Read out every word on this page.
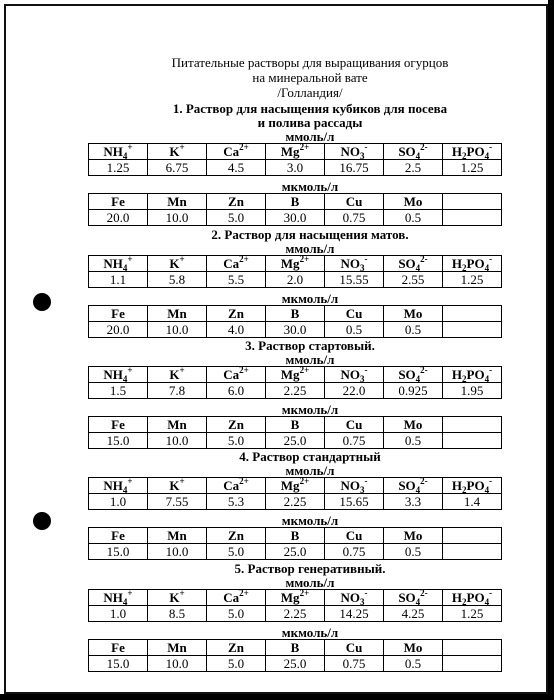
Питательные растворы для выращивания огурцов
на минеральной вате
/Голландия/
1. Раствор для насыщения кубиков для посева
и полива рассады
ммоль/л
$NH_4^+$	K+	$Ca^{2+}$	$Mg^{2+}$	$NO_3^-$	$SO_4^{2-}$	$H_2PO_4^-$
1.25	6.75	4.5	3.0	16.75	2.5	1.25
мкмоль/л
Fe	Mn	Zn	B	Cu	Mo	
20.0	10.0	5.0	30.0	0.75	0.5	
2. Раствор для насыщения матов.
ммоль/л
$NH_4^+$	K+	$Ca^{2+}$	$Mg^{2+}$	$NO_3^-$	$SO_4^{2-}$	$H_2PO_4^-$
1.1	5.8	5.5	2.0	15.55	2.55	1.25
мкмоль/л
Fe	Mn	Zn	B	Cu	Mo	
20.0	10.0	4.0	30.0	0.5	0.5	
3. Раствор стартовый.
ммоль/л
$NH_4^+$	K+	$Ca^{2+}$	$Mg^{2+}$	$NO_3^-$	$SO_4^{2-}$	$H_2PO_4^-$
1.5	7.8	6.0	2.25	22.0	0.925	1.95
мкмоль/л
Fe	Mn	Zn	B	Cu	Mo	
15.0	10.0	5.0	25.0	0.75	0.5	
4. Раствор стандартный
ммоль/л
$NH_4^+$	K+	$Ca^{2+}$	$Mg^{2+}$	$NO_3^-$	$SO_4^{2-}$	$H_2PO_4^-$
1.0	7.55	5.3	2.25	15.65	3.3	1.4
мкмоль/л
Fe	Mn	Zn	B	Cu	Mo	
15.0	10.0	5.0	25.0	0.75	0.5	
5. Раствор генеративный.
ммоль/л
$NH_4^+$	K+	$Ca^{2+}$	$Mg^{2+}$	$NO_3^-$	$SO_4^{2-}$	$H_2PO_4^-$
1.0	8.5	5.0	2.25	14.25	4.25	1.25
мкмоль/л
Fe	Mn	Zn	B	Cu	Mo	
15.0	10.0	5.0	25.0	0.75	0.5	
